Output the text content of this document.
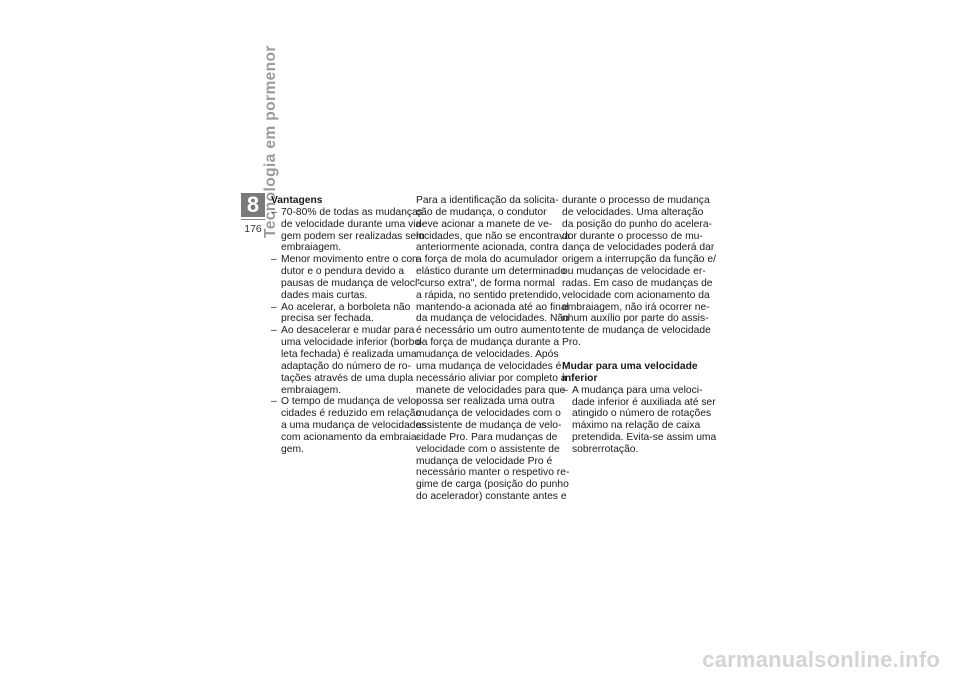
8
176 Tecnologia em pormenor
Vantagens
– 70-80% de todas as mudanças
de velocidade durante uma via-
gem podem ser realizadas sem
embraiagem.
– Menor movimento entre o con-
dutor e o pendura devido a
pausas de mudança de veloci-
dades mais curtas.
– Ao acelerar, a borboleta não
precisa ser fechada.
– Ao desacelerar e mudar para
uma velocidade inferior (borbo-
leta fechada) é realizada uma
adaptação do número de ro-
tações através de uma dupla
embraiagem.
– O tempo de mudança de velo-
cidades é reduzido em relação
a uma mudança de velocidades
com acionamento da embraia-
gem.
Para a identificação da solicita-
ção de mudança, o condutor
deve acionar a manete de ve-
locidades, que não se encontrava
anteriormente acionada, contra
a força de mola do acumulador
elástico durante um determinado
"curso extra", de forma normal
a rápida, no sentido pretendido,
mantendo-a acionada até ao final
da mudança de velocidades. Não
é necessário um outro aumento
da força de mudança durante a
mudança de velocidades. Após
uma mudança de velocidades é
necessário aliviar por completo a
manete de velocidades para que
possa ser realizada uma outra
mudança de velocidades com o
assistente de mudança de velo-
cidade Pro. Para mudanças de
velocidade com o assistente de
mudança de velocidade Pro é
necessário manter o respetivo re-
gime de carga (posição do punho
do acelerador) constante antes e
durante o processo de mudança
de velocidades. Uma alteração
da posição do punho do acelera-
dor durante o processo de mu-
dança de velocidades poderá dar
origem a interrupção da função e/
ou mudanças de velocidade er-
radas. Em caso de mudanças de
velocidade com acionamento da
embraiagem, não irá ocorrer ne-
nhum auxílio por parte do assis-
tente de mudança de velocidade
Pro.
Mudar para uma velocidade
inferior
– A mudança para uma veloci-
dade inferior é auxiliada até ser
atingido o número de rotações
máximo na relação de caixa
pretendida. Evita-se assim uma
sobrerrotação.
carmanualsonline.info
